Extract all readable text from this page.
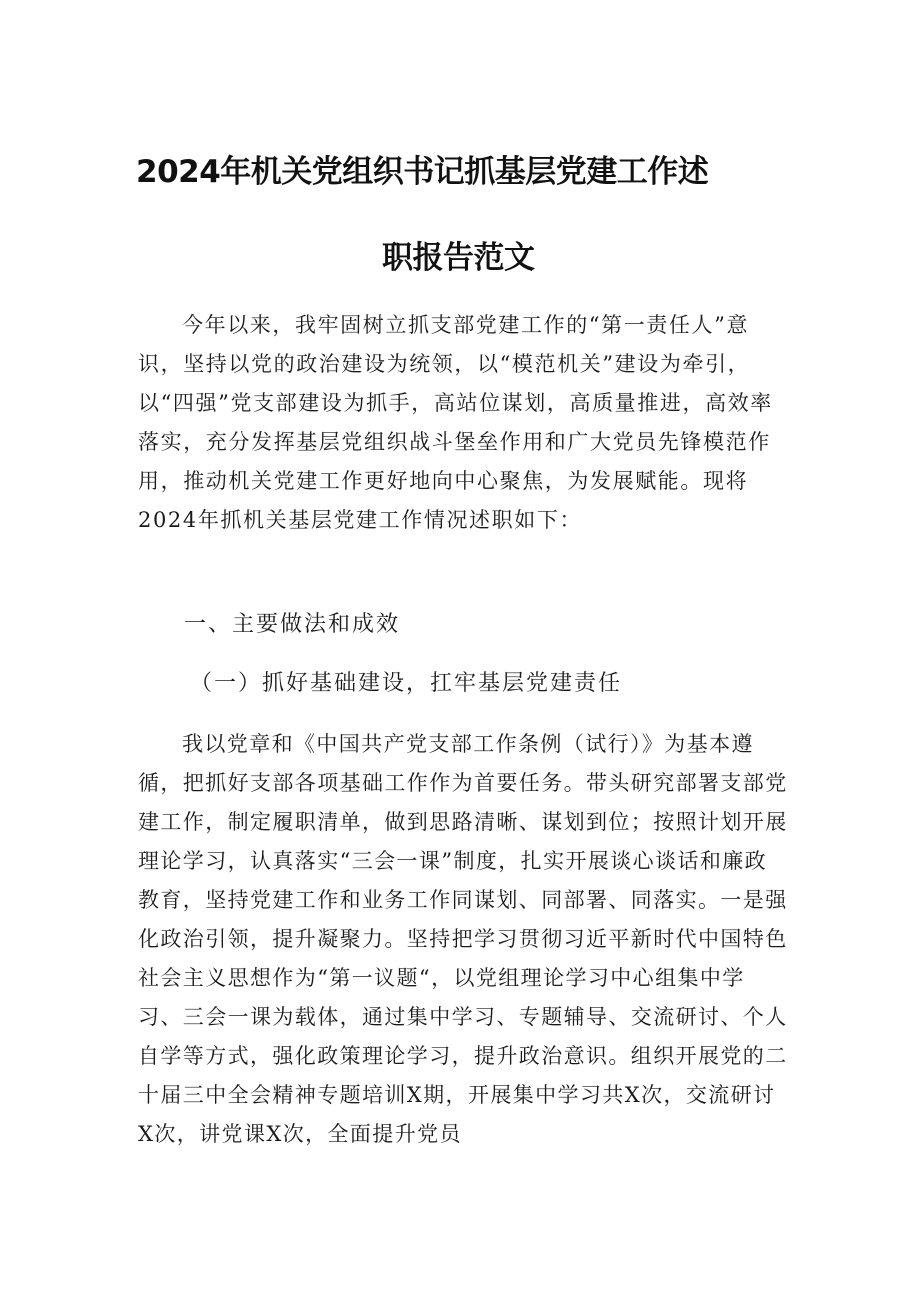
2024年机关党组织书记抓基层党建工作述
职报告范文
今年以来，我牢固树立抓支部党建工作的“第一责任人”意识，坚持以党的政治建设为统领，以“模范机关”建设为牵引，以“四强”党支部建设为抓手，高站位谋划，高质量推进，高效率落实，充分发挥基层党组织战斗堡垒作用和广大党员先锋模范作用，推动机关党建工作更好地向中心聚焦，为发展赋能。现将2024年抓机关基层党建工作情况述职如下：
一、主要做法和成效
（一）抓好基础建设，扛牢基层党建责任
我以党章和《中国共产党支部工作条例（试行）》为基本遵循，把抓好支部各项基础工作作为首要任务。带头研究部署支部党建工作，制定履职清单，做到思路清晰、谋划到位；按照计划开展理论学习，认真落实“三会一课”制度，扎实开展谈心谈话和廉政教育，坚持党建工作和业务工作同谋划、同部署、同落实。一是强化政治引领，提升凝聚力。坚持把学习贯彻习近平新时代中国特色社会主义思想作为“第一议题“，以党组理论学习中心组集中学习、三会一课为载体，通过集中学习、专题辅导、交流研讨、个人自学等方式，强化政策理论学习，提升政治意识。组织开展党的二十届三中全会精神专题培训X期，开展集中学习共X次，交流研讨X次，讲党课X次，全面提升党员
